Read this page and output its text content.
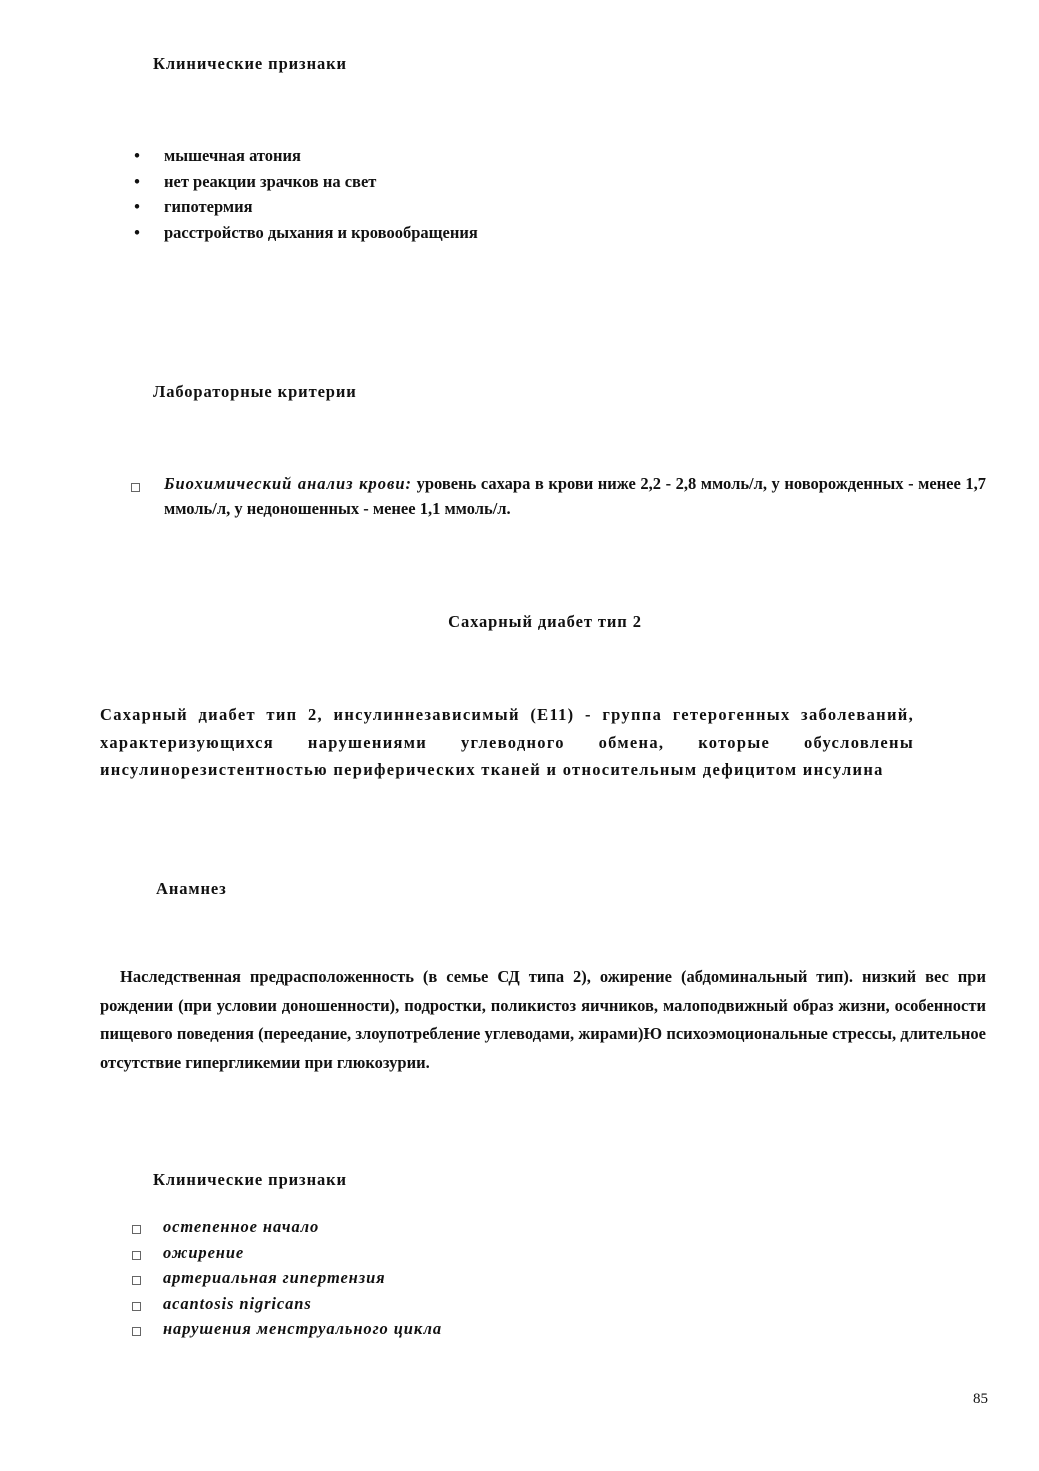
Клинические признаки
• мышечная атония
• нет реакции зрачков на свет
• гипотермия
• расстройство дыхания и кровообращения
Лабораторные критерии
Биохимический анализ крови: уровень сахара в крови ниже 2,2 - 2,8 ммоль/л, у новорожденных - менее 1,7 ммоль/л, у недоношенных - менее 1,1 ммоль/л.
Сахарный диабет тип 2

Сахарный диабет тип 2, инсулиннезависимый (Е11) - группа гетерогенных заболеваний, характеризующихся нарушениями углеводного обмена, которые обусловлены инсулинорезистентностью периферических тканей и относительным дефицитом инсулина

Анамнез

Наследственная предрасположенность (в семье СД типа 2), ожирение (абдоминальный тип). низкий вес при рождении (при условии доношенности), подростки, поликистоз яичников, малоподвижный образ жизни, особенности пищевого поведения (переедание, злоупотребление углеводами, жирами)Ю психоэмоциональные стрессы, длительное отсутствие гипергликемии при глюкозурии.

Клинические признаки
остепенное начало
ожирение
артериальная гипертензия
acantosis nigricans
нарушения менструального цикла
85
